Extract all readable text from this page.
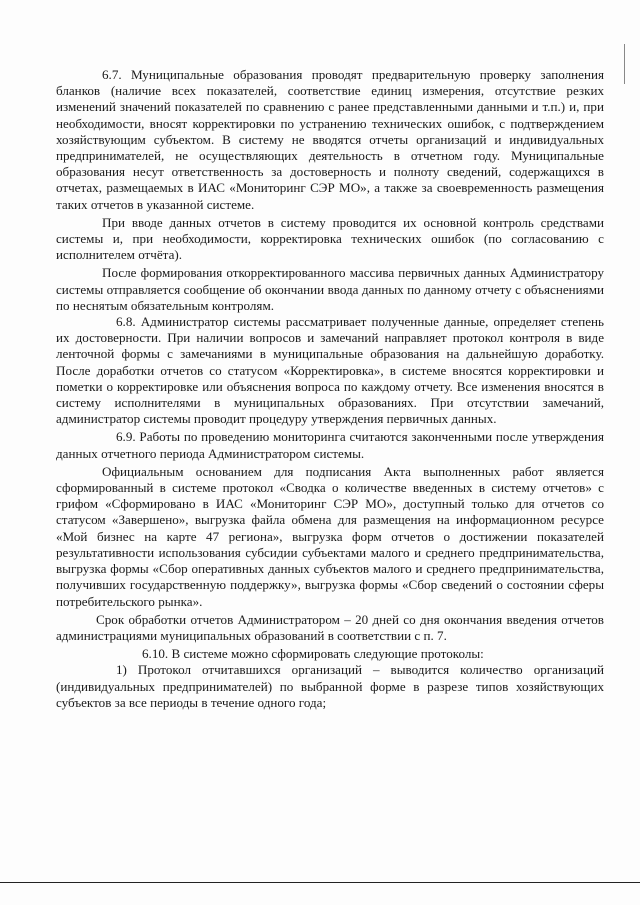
6.7. Муниципальные образования проводят предварительную проверку заполнения бланков (наличие всех показателей, соответствие единиц измерения, отсутствие резких изменений значений показателей по сравнению с ранее представленными данными и т.п.) и, при необходимости, вносят корректировки по устранению технических ошибок, с подтверждением хозяйствующим субъектом. В систему не вводятся отчеты организаций и индивидуальных предпринимателей, не осуществляющих деятельность в отчетном году. Муниципальные образования несут ответственность за достоверность и полноту сведений, содержащихся в отчетах, размещаемых в ИАС «Мониторинг СЭР МО», а также за своевременность размещения таких отчетов в указанной системе.

При вводе данных отчетов в систему проводится их основной контроль средствами системы и, при необходимости, корректировка технических ошибок (по согласованию с исполнителем отчёта).

После формирования откорректированного массива первичных данных Администратору системы отправляется сообщение об окончании ввода данных по данному отчету с объяснениями по неснятым обязательным контролям.

6.8. Администратор системы рассматривает полученные данные, определяет степень их достоверности. При наличии вопросов и замечаний направляет протокол контроля в виде ленточной формы с замечаниями в муниципальные образования на дальнейшую доработку. После доработки отчетов со статусом «Корректировка», в системе вносятся корректировки и пометки о корректировке или объяснения вопроса по каждому отчету. Все изменения вносятся в систему исполнителями в муниципальных образованиях. При отсутствии замечаний, администратор системы проводит процедуру утверждения первичных данных.

6.9. Работы по проведению мониторинга считаются законченными после утверждения данных отчетного периода Администратором системы.

Официальным основанием для подписания Акта выполненных работ является сформированный в системе протокол «Сводка о количестве введенных в систему отчетов» с грифом «Сформировано в ИАС «Мониторинг СЭР МО», доступный только для отчетов со статусом «Завершено», выгрузка файла обмена для размещения на информационном ресурсе «Мой бизнес на карте 47 региона», выгрузка форм отчетов о достижении показателей результативности использования субсидии субъектами малого и среднего предпринимательства, выгрузка формы «Сбор оперативных данных субъектов малого и среднего предпринимательства, получивших государственную поддержку», выгрузка формы «Сбор сведений о состоянии сферы потребительского рынка».

Срок обработки отчетов Администратором – 20 дней со дня окончания введения отчетов администрациями муниципальных образований в соответствии с п. 7.

6.10. В системе можно сформировать следующие протоколы:

1) Протокол отчитавшихся организаций – выводится количество организаций (индивидуальных предпринимателей) по выбранной форме в разрезе типов хозяйствующих субъектов за все периоды в течение одного года;
